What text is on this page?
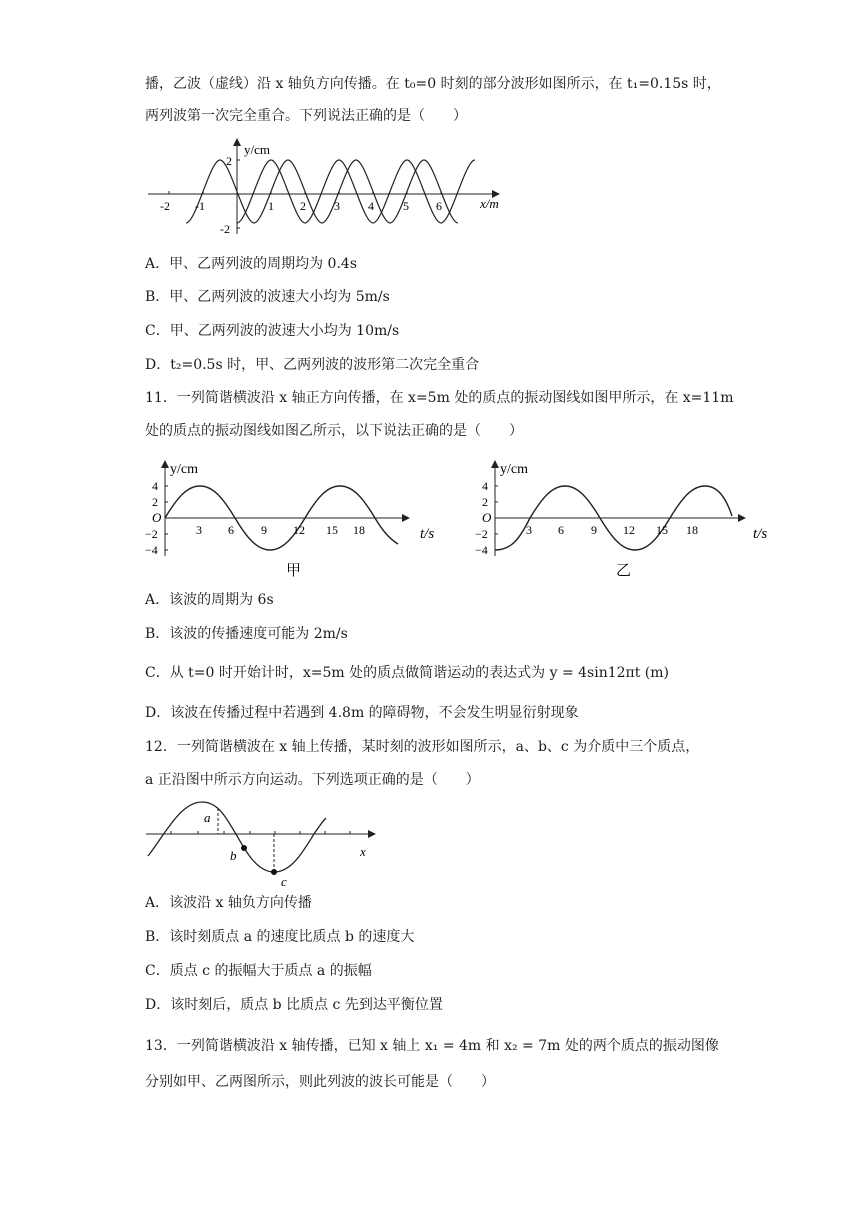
播，乙波（虚线）沿 x 轴负方向传播。在 t₀=0 时刻的部分波形如图所示，在 t₁=0.15s 时，
两列波第一次完全重合。下列说法正确的是（　　）
y/cm
x/m
2
-2
-2 -1	1 2 3 4 5 6
A．甲、乙两列波的周期均为 0.4s
B．甲、乙两列波的波速大小均为 5m/s
C．甲、乙两列波的波速大小均为 10m/s
D．t₂=0.5s 时，甲、乙两列波的波形第二次完全重合
11．一列简谐横波沿 x 轴正方向传播，在 x=5m 处的质点的振动图线如图甲所示，在 x=11m
处的质点的振动图线如图乙所示，以下说法正确的是（　　）
y/cm
t/s
O
4
2
−2
−4
3 6 9 12 15 18
甲
y/cm
t/s
O
4
2
−2
−4
3 6 9 12 15 18
乙
A．该波的周期为 6s
B．该波的传播速度可能为 2m/s
C．从 t=0 时开始计时，x=5m 处的质点做简谐运动的表达式为 y = 4sin12πt (m)
D．该波在传播过程中若遇到 4.8m 的障碍物，不会发生明显衍射现象
12．一列简谐横波在 x 轴上传播，某时刻的波形如图所示，a、b、c 为介质中三个质点，
a 正沿图中所示方向运动。下列选项正确的是（　　）
a
b
c
x
A．该波沿 x 轴负方向传播
B．该时刻质点 a 的速度比质点 b 的速度大
C．质点 c 的振幅大于质点 a 的振幅
D．该时刻后，质点 b 比质点 c 先到达平衡位置
13．一列简谐横波沿 x 轴传播，已知 x 轴上 x₁ = 4m 和 x₂ = 7m 处的两个质点的振动图像
分别如甲、乙两图所示，则此列波的波长可能是（　　）
